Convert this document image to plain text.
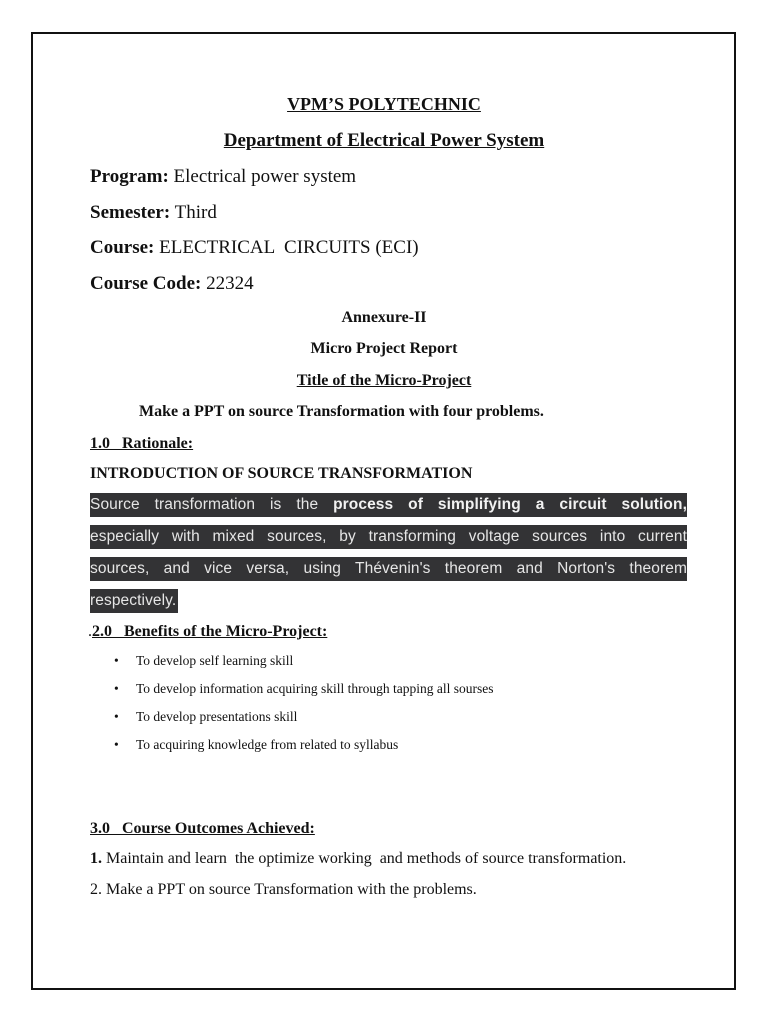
VPM’S POLYTECHNIC
Department of Electrical Power System
Program: Electrical power system
Semester: Third
Course: ELECTRICAL  CIRCUITS (ECI)
Course Code: 22324
Annexure-II
Micro Project Report
Title of the Micro-Project
Make a PPT on source Transformation with four problems.
1.0   Rationale:
INTRODUCTION OF SOURCE TRANSFORMATION
Source transformation is the process of simplifying a circuit solution,
especially with mixed sources, by transforming voltage sources into current
sources, and vice versa, using Thévenin's theorem and Norton's theorem
respectively.
.2.0   Benefits of the Micro-Project:
• To develop self learning skill
• To develop information acquiring skill through tapping all sourses
• To develop presentations skill
• To acquiring knowledge from related to syllabus
3.0   Course Outcomes Achieved:
1. Maintain and learn  the optimize working  and methods of source transformation.
2. Make a PPT on source Transformation with the problems.
